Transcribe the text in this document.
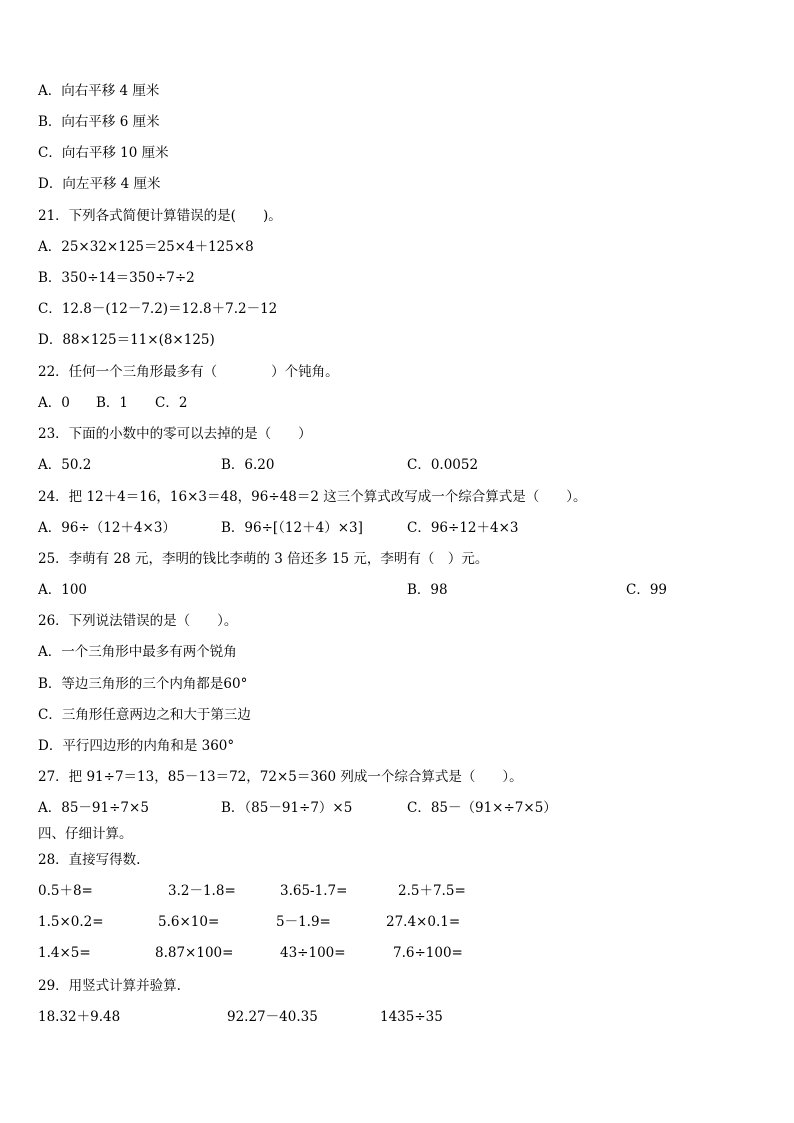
A．向右平移 4 厘米
B．向右平移 6 厘米
C．向右平移 10 厘米
D．向左平移 4 厘米
21．下列各式简便计算错误的是(　　)。
A．25×32×125＝25×4＋125×8
B．350÷14＝350÷7÷2
C．12.8－(12－7.2)＝12.8＋7.2－12
D．88×125＝11×(8×125)
22．任何一个三角形最多有（　　　　）个钝角。
A．0 B．1 C．2
23．下面的小数中的零可以去掉的是（　　）
A．50.2	B．6.20	C．0.0052
24．把 12＋4＝16，16×3＝48，96÷48＝2 这三个算式改写成一个综合算式是（　　）。
A．96÷（12＋4×3）	B．96÷[（12＋4）×3]	C．96÷12＋4×3
25．李萌有 28 元，李明的钱比李萌的 3 倍还多 15 元，李明有（　）元。
A．100	B．98	C．99
26．下列说法错误的是（　　）。
A．一个三角形中最多有两个锐角
B．等边三角形的三个内角都是60°
C．三角形任意两边之和大于第三边
D．平行四边形的内角和是 360°
27．把 91÷7＝13，85－13＝72，72×5＝360 列成一个综合算式是（　　）。
A．85－91÷7×5	B．（85－91÷7）×5	C．85－（91×÷7×5）
四、仔细计算。
28．直接写得数.
0.5＋8=	3.2－1.8=	3.65-1.7=	2.5＋7.5=
1.5×0.2=	5.6×10=	5－1.9=	27.4×0.1=
1.4×5=	8.87×100=	43÷100=	7.6÷100=
29．用竖式计算并验算.
18.32＋9.48	92.27－40.35	1435÷35
